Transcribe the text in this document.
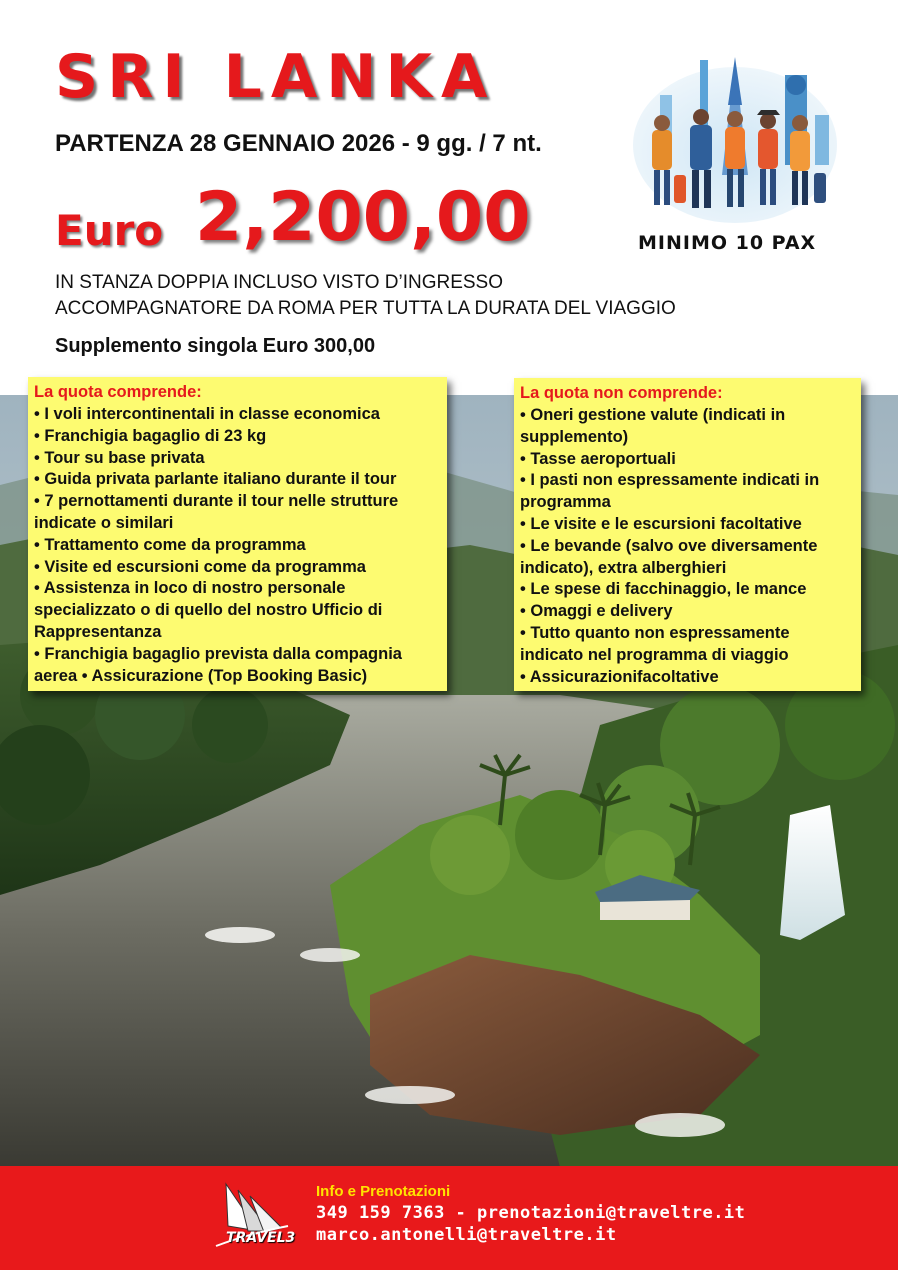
SRI LANKA
PARTENZA 28 GENNAIO 2026 - 9 gg. / 7 nt.
Euro 2,200,00
IN STANZA DOPPIA INCLUSO VISTO D’INGRESSO
ACCOMPAGNATORE DA ROMA PER TUTTA LA DURATA DEL VIAGGIO
Supplemento singola Euro 300,00
MINIMO 10 PAX
La quota comprende:
• I voli intercontinentali in classe economica
• Franchigia bagaglio di 23 kg
• Tour su base privata
• Guida privata parlante italiano durante il tour
• 7 pernottamenti durante il tour nelle strutture indicate o similari
• Trattamento come da programma
• Visite ed escursioni come da programma
• Assistenza in loco di nostro personale specializzato o di quello del nostro Ufficio di Rappresentanza
• Franchigia bagaglio prevista dalla compagnia aerea • Assicurazione (Top Booking Basic)
La quota non comprende:
• Oneri gestione valute (indicati in supplemento)
• Tasse aeroportuali
• I pasti non espressamente indicati in programma
• Le visite e le escursioni facoltative
• Le bevande (salvo ove diversamente indicato), extra alberghieri
• Le spese di facchinaggio, le mance
• Omaggi e delivery
• Tutto quanto non espressamente indicato nel programma di viaggio
• Assicurazionifacoltative
TRAVEL3
Info e Prenotazioni
349 159 7363 - prenotazioni@traveltre.it
marco.antonelli@traveltre.it
